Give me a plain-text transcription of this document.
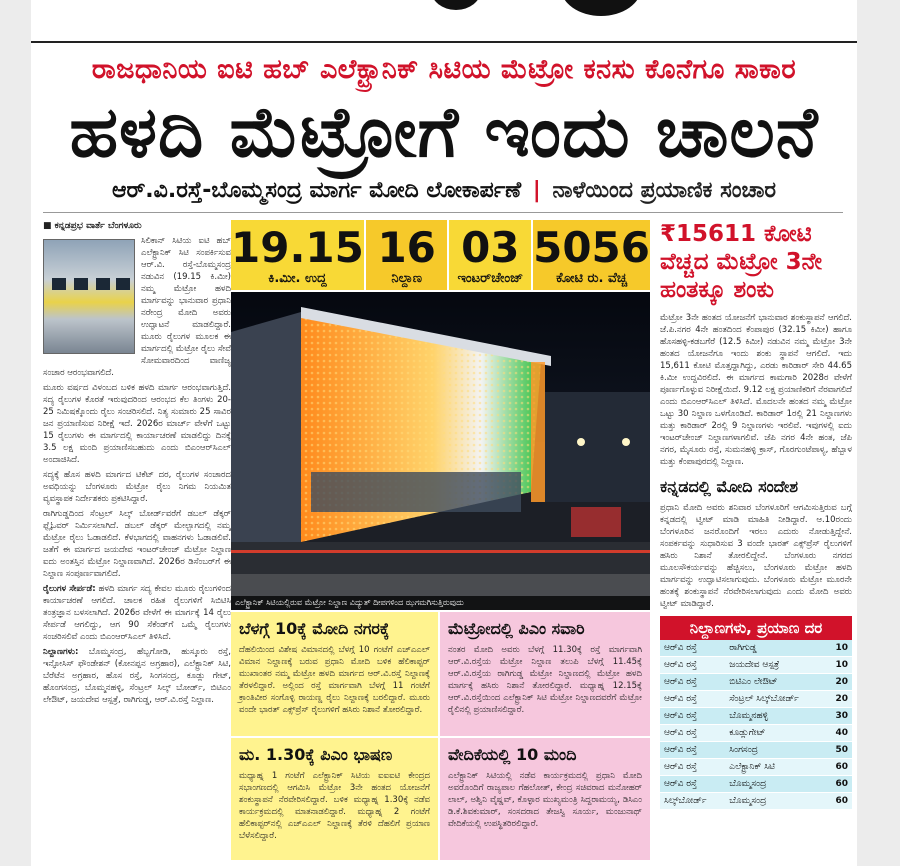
ರಾಜಧಾನಿಯ ಐಟಿ ಹಬ್ ಎಲೆಕ್ಟ್ರಾನಿಕ್ ಸಿಟಿಯ ಮೆಟ್ರೋ ಕನಸು ಕೊನೆಗೂ ಸಾಕಾರ
ಹಳದಿ ಮೆಟ್ರೋಗೆ ಇಂದು ಚಾಲನೆ
ಆರ್.ವಿ.ರಸ್ತೆ-ಬೊಮ್ಮಸಂದ್ರ ಮಾರ್ಗ ಮೋದಿ ಲೋಕಾರ್ಪಣೆ | ನಾಳೆಯಿಂದ ಪ್ರಯಾಣಿಕ ಸಂಚಾರ

■ ಕನ್ನಡಪ್ರಭ ವಾರ್ತೆ ಬೆಂಗಳೂರು

ಸಿಲಿಕಾನ್ ಸಿಟಿಯ ಐಟಿ ಹಬ್ ಎಲೆಕ್ಟ್ರಾನಿಕ್ ಸಿಟಿ ಸಂಪರ್ಕಿಸುವ ಆರ್.ವಿ. ರಸ್ತೆ-ಬೊಮ್ಮಸಂದ್ರ ನಡುವಿನ (19.15 ಕಿ.ಮೀ) ನಮ್ಮ ಮೆಟ್ರೋ ಹಳದಿ ಮಾರ್ಗವನ್ನು ಭಾನುವಾರ ಪ್ರಧಾನಿ ನರೇಂದ್ರ ಮೋದಿ ಅವರು ಉದ್ಘಾಟನೆ ಮಾಡಲಿದ್ದಾರೆ. ಮೂರು ರೈಲುಗಳ ಮೂಲಕ ಈ ಮಾರ್ಗದಲ್ಲಿ ಮೆಟ್ರೋ ರೈಲು ಸೇವೆ ಸೋಮವಾರದಿಂದ ವಾಣಿಜ್ಯ ಸಂಚಾರ ಆರಂಭವಾಗಲಿದೆ.

ಮೂರು ವರ್ಷದ ವಿಳಂಬದ ಬಳಿಕ ಹಳದಿ ಮಾರ್ಗ ಆರಂಭವಾಗುತ್ತಿದೆ. ಸದ್ಯ ರೈಲುಗಳ ಕೊರತೆ ಇರುವುದರಿಂದ ಆರಂಭದ ಕೆಲ ತಿಂಗಳು 20-25 ನಿಮಿಷಕ್ಕೊಂದು ರೈಲು ಸಂಚರಿಸಲಿದೆ. ನಿತ್ಯ ಸುಮಾರು 25 ಸಾವಿರ ಜನ ಪ್ರಯಾಣಿಸುವ ನಿರೀಕ್ಷೆ ಇದೆ. 2026ರ ಮಾರ್ಚ್ ವೇಳೆಗೆ ಒಟ್ಟು 15 ರೈಲುಗಳು ಈ ಮಾರ್ಗದಲ್ಲಿ ಕಾರ್ಯಾಚರಣೆ ಮಾಡಲಿದ್ದು ದಿನಕ್ಕೆ 3.5 ಲಕ್ಷ ಮಂದಿ ಪ್ರಯಾಣಿಸಬಹುದು ಎಂದು ಬಿಎಂಆರ್‌ಸಿಎಲ್ ಅಂದಾಜಿಸಿದೆ.

ಸದ್ಯಕ್ಕೆ ಹೊಸ ಹಳದಿ ಮಾರ್ಗದ ಟಿಕೆಟ್ ದರ, ರೈಲುಗಳ ಸಂಚಾರದ ಅವಧಿಯನ್ನು ಬೆಂಗಳೂರು ಮೆಟ್ರೋ ರೈಲು ನಿಗಮ ನಿಯಮಿತ ವ್ಯವಸ್ಥಾಪಕ ನಿರ್ದೇಶಕರು ಪ್ರಕಟಿಸಿದ್ದಾರೆ.

ರಾಗಿಗುಡ್ಡದಿಂದ ಸೆಂಟ್ರಲ್ ಸಿಲ್ಕ್ ಬೋರ್ಡ್‌ವರೆಗೆ ಡಬಲ್ ಡೆಕ್ಕರ್ ಫ್ಲೈಓವರ್ ನಿರ್ಮಿಸಲಾಗಿದೆ. ಡಬಲ್ ಡೆಕ್ಕರ್ ಮೇಲ್ಭಾಗದಲ್ಲಿ ನಮ್ಮ ಮೆಟ್ರೋ ರೈಲು ಓಡಾಡಲಿದೆ. ಕೆಳಭಾಗದಲ್ಲಿ ವಾಹನಗಳು ಓಡಾಡಲಿವೆ. ಜತೆಗೆ ಈ ಮಾರ್ಗದ ಜಯದೇವ ಇಂಟರ್‌ಚೇಂಜ್ ಮೆಟ್ರೋ ನಿಲ್ದಾಣ ಐದು ಅಂತಸ್ತಿನ ಮೆಟ್ರೋ ನಿಲ್ದಾಣವಾಗಿದೆ. 2026ರ ಡಿಸೆಂಬರ್‌ಗೆ ಈ ನಿಲ್ದಾಣ ಸಂಪೂರ್ಣವಾಗಲಿದೆ.

ರೈಲುಗಳ ಸೇರ್ಪಡೆ: ಹಳದಿ ಮಾರ್ಗ ಸದ್ಯ ಕೇವಲ ಮೂರು ರೈಲುಗಳಿಂದ ಕಾರ್ಯಾಚರಣೆ ಆಗಲಿದೆ. ಚಾಲಕ ರಹಿತ ರೈಲುಗಳಿಗೆ ಸಿಬಿಟಿಸಿ ತಂತ್ರಜ್ಞಾನ ಬಳಸಲಾಗಿದೆ. 2026ರ ವೇಳೆಗೆ ಈ ಮಾರ್ಗಕ್ಕೆ 14 ರೈಲು ಸೇರ್ಪಡೆ ಆಗಲಿದ್ದು, ಆಗ 90 ಸೆಕೆಂಡ್‌ಗೆ ಒಮ್ಮೆ ರೈಲುಗಳು ಸಂಚರಿಸಲಿವೆ ಎಂದು ಬಿಎಂಆರ್‌ಸಿಎಲ್ ತಿಳಿಸಿದೆ.

ನಿಲ್ದಾಣಗಳು: ಬೊಮ್ಮಸಂದ್ರ, ಹೆಬ್ಬಗೋಡಿ, ಹುಸ್ಕೂರು ರಸ್ತೆ, ಇನ್ಫೋಸಿಸ್ ಫೌಂಡೇಶನ್ (ಕೋನಪ್ಪನ ಅಗ್ರಹಾರ), ಎಲೆಕ್ಟ್ರಾನಿಕ್ ಸಿಟಿ, ಬೆರೆಟೆನ ಅಗ್ರಹಾರ, ಹೊಸ ರಸ್ತೆ, ಸಿಂಗಸಂದ್ರ, ಕೂಡ್ಲು ಗೇಟ್, ಹೊಂಗಸಂದ್ರ, ಬೊಮ್ಮನಹಳ್ಳಿ, ಸೆಂಟ್ರಲ್ ಸಿಲ್ಕ್ ಬೋರ್ಡ್, ಬಿಟಿಎಂ ಲೇಔಟ್, ಜಯದೇವ ಆಸ್ಪತ್ರೆ, ರಾಗಿಗುಡ್ಡ, ಆರ್.ವಿ.ರಸ್ತೆ ನಿಲ್ದಾಣ.

19.15
ಕಿ.ಮೀ. ಉದ್ದ
16
ನಿಲ್ದಾಣ
03
ಇಂಟರ್‌ಚೇಂಜ್
5056
ಕೋಟಿ ರು. ವೆಚ್ಚ
ಎಲೆಕ್ಟ್ರಾನಿಕ್ ಸಿಟಿಯಲ್ಲಿರುವ ಮೆಟ್ರೋ ನಿಲ್ದಾಣ ವಿದ್ಯುತ್ ದೀಪಗಳಿಂದ ಝಗಮಗಿಸುತ್ತಿರುವುದು
ಬೆಳಗ್ಗೆ 10ಕ್ಕೆ ಮೋದಿ ನಗರಕ್ಕೆ
ದೆಹಲಿಯಿಂದ ವಿಶೇಷ ವಿಮಾನದಲ್ಲಿ ಬೆಳಗ್ಗೆ 10 ಗಂಟೆಗೆ ಎಚ್‌ಎಎಲ್ ವಿಮಾನ ನಿಲ್ದಾಣಕ್ಕೆ ಬರುವ ಪ್ರಧಾನಿ ಮೋದಿ ಬಳಿಕ ಹೆಲಿಕಾಪ್ಟರ್ ಮುಖಾಂತರ ನಮ್ಮ ಮೆಟ್ರೋ ಹಳದಿ ಮಾರ್ಗದ ಆರ್.ವಿ.ರಸ್ತೆ ನಿಲ್ದಾಣಕ್ಕೆ ತೆರಳಲಿದ್ದಾರೆ. ಅಲ್ಲಿಂದ ರಸ್ತೆ ಮಾರ್ಗವಾಗಿ ಬೆಳಗ್ಗೆ 11 ಗಂಟೆಗೆ ಕ್ರಾಂತಿವೀರ ಸಂಗೊಳ್ಳಿ ರಾಯಣ್ಣ ರೈಲು ನಿಲ್ದಾಣಕ್ಕೆ ಬರಲಿದ್ದಾರೆ. ಮೂರು ವಂದೇ ಭಾರತ್ ಎಕ್ಸ್‌ಪ್ರೆಸ್ ರೈಲುಗಳಿಗೆ ಹಸಿರು ನಿಶಾನೆ ತೋರಲಿದ್ದಾರೆ.
ಮೆಟ್ರೋದಲ್ಲಿ ಪಿಎಂ ಸವಾರಿ
ನಂತರ ಮೋದಿ ಅವರು ಬೆಳಗ್ಗೆ 11.30ಕ್ಕೆ ರಸ್ತೆ ಮಾರ್ಗವಾಗಿ ಆರ್.ವಿ.ರಸ್ತೆಯ ಮೆಟ್ರೋ ನಿಲ್ದಾಣ ತಲುಪಿ ಬೆಳಗ್ಗೆ 11.45ಕ್ಕೆ ಆರ್.ವಿ.ರಸ್ತೆಯ ರಾಗಿಗುಡ್ಡ ಮೆಟ್ರೋ ನಿಲ್ದಾಣದಲ್ಲಿ ಮೆಟ್ರೋ ಹಳದಿ ಮಾರ್ಗಕ್ಕೆ ಹಸಿರು ನಿಶಾನೆ ತೋರಲಿದ್ದಾರೆ. ಮಧ್ಯಾಹ್ನ 12.15ಕ್ಕೆ ಆರ್.ವಿ.ರಸ್ತೆಯಿಂದ ಎಲೆಕ್ಟ್ರಾನಿಕ್ ಸಿಟಿ ಮೆಟ್ರೋ ನಿಲ್ದಾಣದವರೆಗೆ ಮೆಟ್ರೋ ರೈಲಿನಲ್ಲಿ ಪ್ರಯಾಣಿಸಲಿದ್ದಾರೆ.
ಮ. 1.30ಕ್ಕೆ ಪಿಎಂ ಭಾಷಣ
ಮಧ್ಯಾಹ್ನ 1 ಗಂಟೆಗೆ ಎಲೆಕ್ಟ್ರಾನಿಕ್ ಸಿಟಿಯ ಐಐಐಟಿ ಕೇಂದ್ರದ ಸಭಾಂಗಣದಲ್ಲಿ ಆಗಮಿಸಿ ಮೆಟ್ರೋ 3ನೇ ಹಂತದ ಯೋಜನೆಗೆ ಶಂಕುಸ್ಥಾಪನೆ ನೆರವೇರಿಸಲಿದ್ದಾರೆ. ಬಳಿಕ ಮಧ್ಯಾಹ್ನ 1.30ಕ್ಕೆ ನಡೆವ ಕಾರ್ಯಕ್ರಮದಲ್ಲಿ ಮಾತನಾಡಲಿದ್ದಾರೆ. ಮಧ್ಯಾಹ್ನ 2 ಗಂಟೆಗೆ ಹೆಲಿಕಾಪ್ಟರ್‌ನಲ್ಲಿ ಎಚ್‌ಎಎಲ್ ನಿಲ್ದಾಣಕ್ಕೆ ತೆರಳಿ ದೆಹಲಿಗೆ ಪ್ರಯಾಣ ಬೆಳೆಸಲಿದ್ದಾರೆ.
ವೇದಿಕೆಯಲ್ಲಿ 10 ಮಂದಿ
ಎಲೆಕ್ಟ್ರಾನಿಕ್ ಸಿಟಿಯಲ್ಲಿ ನಡೆವ ಕಾರ್ಯಕ್ರಮದಲ್ಲಿ ಪ್ರಧಾನಿ ಮೋದಿ ಅವರೊಂದಿಗೆ ರಾಜ್ಯಪಾಲ ಗೆಹಲೋತ್, ಕೇಂದ್ರ ಸಚಿವರಾದ ಮನೋಹರ್ ಲಾಲ್, ಅಶ್ವಿನಿ ವೈಷ್ಣವ್, ಕೊಳ್ಳಾರ ಮುಖ್ಯಮಂತ್ರಿ ಸಿದ್ದರಾಮಯ್ಯ, ಡಿಸಿಎಂ ಡಿ.ಕೆ.ಶಿವಕುಮಾರ್, ಸಂಸದರಾದ ತೇಜಸ್ವಿ ಸೂರ್ಯ, ಮಂಜುನಾಥ್ ವೇದಿಕೆಯಲ್ಲಿ ಉಪಸ್ಥಿತರಿರಲಿದ್ದಾರೆ.
₹15611 ಕೋಟಿ ವೆಚ್ಚದ ಮೆಟ್ರೋ 3ನೇ ಹಂತಕ್ಕೂ ಶಂಕು
ಮೆಟ್ರೋ 3ನೇ ಹಂತದ ಯೋಜನೆಗೆ ಭಾನುವಾರ ಶಂಕುಸ್ಥಾಪನೆ ಆಗಲಿದೆ. ಜೆ.ಪಿ.ನಗರ 4ನೇ ಹಂತದಿಂದ ಕೆಂಪಾಪುರ (32.15 ಕಿಮೀ) ಹಾಗೂ ಹೊಸಹಳ್ಳಿ-ಕಡಬಗೆರೆ (12.5 ಕಿಮೀ) ನಡುವಿನ ನಮ್ಮ ಮೆಟ್ರೋ 3ನೇ ಹಂತದ ಯೋಜನೆಗೂ ಇಂದು ಶಂಕು ಸ್ಥಾಪನೆ ಆಗಲಿದೆ. ಇದು 15,611 ಕೋಟಿ ಮೊತ್ತದ್ದಾಗಿದ್ದು, ಎರಡು ಕಾರಿಡಾರ್ ಸೇರಿ 44.65 ಕಿ.ಮೀ ಉದ್ದವಿರಲಿದೆ. ಈ ಮಾರ್ಗದ ಕಾಮಗಾರಿ 2028ರ ವೇಳೆಗೆ ಪೂರ್ಣಗೊಳ್ಳುವ ನಿರೀಕ್ಷೆಯಿದೆ. 9.12 ಲಕ್ಷ ಪ್ರಯಾಣಿಕರಿಗೆ ನೆರವಾಗಲಿದೆ ಎಂದು ಬಿಎಂಆರ್‌ಸಿಎಲ್ ತಿಳಿಸಿದೆ. ಮೊದಲನೇ ಹಂತದ ನಮ್ಮ ಮೆಟ್ರೋ ಒಟ್ಟು 30 ನಿಲ್ದಾಣ ಒಳಗೊಂಡಿದೆ. ಕಾರಿಡಾರ್ 1ರಲ್ಲಿ 21 ನಿಲ್ದಾಣಗಳು ಮತ್ತು ಕಾರಿಡಾರ್ 2ರಲ್ಲಿ 9 ನಿಲ್ದಾಣಗಳು ಇರಲಿವೆ. ಇವುಗಳಲ್ಲಿ ಐದು ಇಂಟರ್‌ಚೇಂಜ್ ನಿಲ್ದಾಣಗಳಾಗಲಿವೆ. ಜೆಪಿ ನಗರ 4ನೇ ಹಂತ, ಜೆಪಿ ನಗರ, ಮೈಸೂರು ರಸ್ತೆ, ಸುಮನಹಳ್ಳಿ ಕ್ರಾಸ್, ಗೊರಗುಂಟೆಪಾಳ್ಯ, ಹೆಬ್ಬಾಳ ಮತ್ತು ಕೆಂಪಾಪುರದಲ್ಲಿ ನಿಲ್ದಾಣ.
ಕನ್ನಡದಲ್ಲಿ ಮೋದಿ ಸಂದೇಶ
ಪ್ರಧಾನಿ ಮೋದಿ ಅವರು ಶನಿವಾರ ಬೆಂಗಳೂರಿಗೆ ಆಗಮಿಸುತ್ತಿರುವ ಬಗ್ಗೆ ಕನ್ನಡದಲ್ಲಿ ಟ್ವೀಟ್ ಮಾಡಿ ಮಾಹಿತಿ ನೀಡಿದ್ದಾರೆ. ಆ.10ರಂದು ಬೆಂಗಳೂರಿನ ಜನರೊಂದಿಗೆ ಇರಲು ಎದುರು ನೋಡುತ್ತಿದ್ದೇನೆ. ಸಂಪರ್ಕವನ್ನು ಸುಧಾರಿಸುವ 3 ವಂದೇ ಭಾರತ್ ಎಕ್ಸ್‌ಪ್ರೆಸ್ ರೈಲುಗಳಿಗೆ ಹಸಿರು ನಿಶಾನೆ ತೋರಲಿದ್ದೇನೆ. ಬೆಂಗಳೂರು ನಗರದ ಮೂಲಸೌಕರ್ಯವನ್ನು ಹೆಚ್ಚಿಸಲು, ಬೆಂಗಳೂರು ಮೆಟ್ರೋ ಹಳದಿ ಮಾರ್ಗವನ್ನು ಉದ್ಘಾಟಿಸಲಾಗುವುದು. ಬೆಂಗಳೂರು ಮೆಟ್ರೋ ಮೂರನೇ ಹಂತಕ್ಕೆ ಶಂಕುಸ್ಥಾಪನೆ ನೆರವೇರಿಸಲಾಗುವುದು ಎಂದು ಮೋದಿ ಅವರು ಟ್ವೀಟ್ ಮಾಡಿದ್ದಾರೆ.
ನಿಲ್ದಾಣಗಳು, ಪ್ರಯಾಣ ದರ
ಆರ್‌ವಿ ರಸ್ತೆ	ರಾಗಿಗುಡ್ಡ	10
ಆರ್‌ವಿ ರಸ್ತೆ	ಜಯದೇವ ಆಸ್ಪತ್ರೆ	10
ಆರ್‌ವಿ ರಸ್ತೆ	ಬಿಟಿಎಂ ಲೇಔಟ್	20
ಆರ್‌ವಿ ರಸ್ತೆ	ಸೆಂಟ್ರಲ್ ಸಿಲ್ಕ್‌ಬೋರ್ಡ್	20
ಆರ್‌ವಿ ರಸ್ತೆ	ಬೊಮ್ಮನಹಳ್ಳಿ	30
ಆರ್‌ವಿ ರಸ್ತೆ	ಕೂಡ್ಲುಗೇಟ್	40
ಆರ್‌ವಿ ರಸ್ತೆ	ಸಿಂಗಸಂದ್ರ	50
ಆರ್‌ವಿ ರಸ್ತೆ	ಎಲೆಕ್ಟ್ರಾನಿಕ್ ಸಿಟಿ	60
ಆರ್‌ವಿ ರಸ್ತೆ	ಬೊಮ್ಮಸಂದ್ರ	60
ಸಿಲ್ಕ್‌ಬೋರ್ಡ್	ಬೊಮ್ಮಸಂದ್ರ	60
